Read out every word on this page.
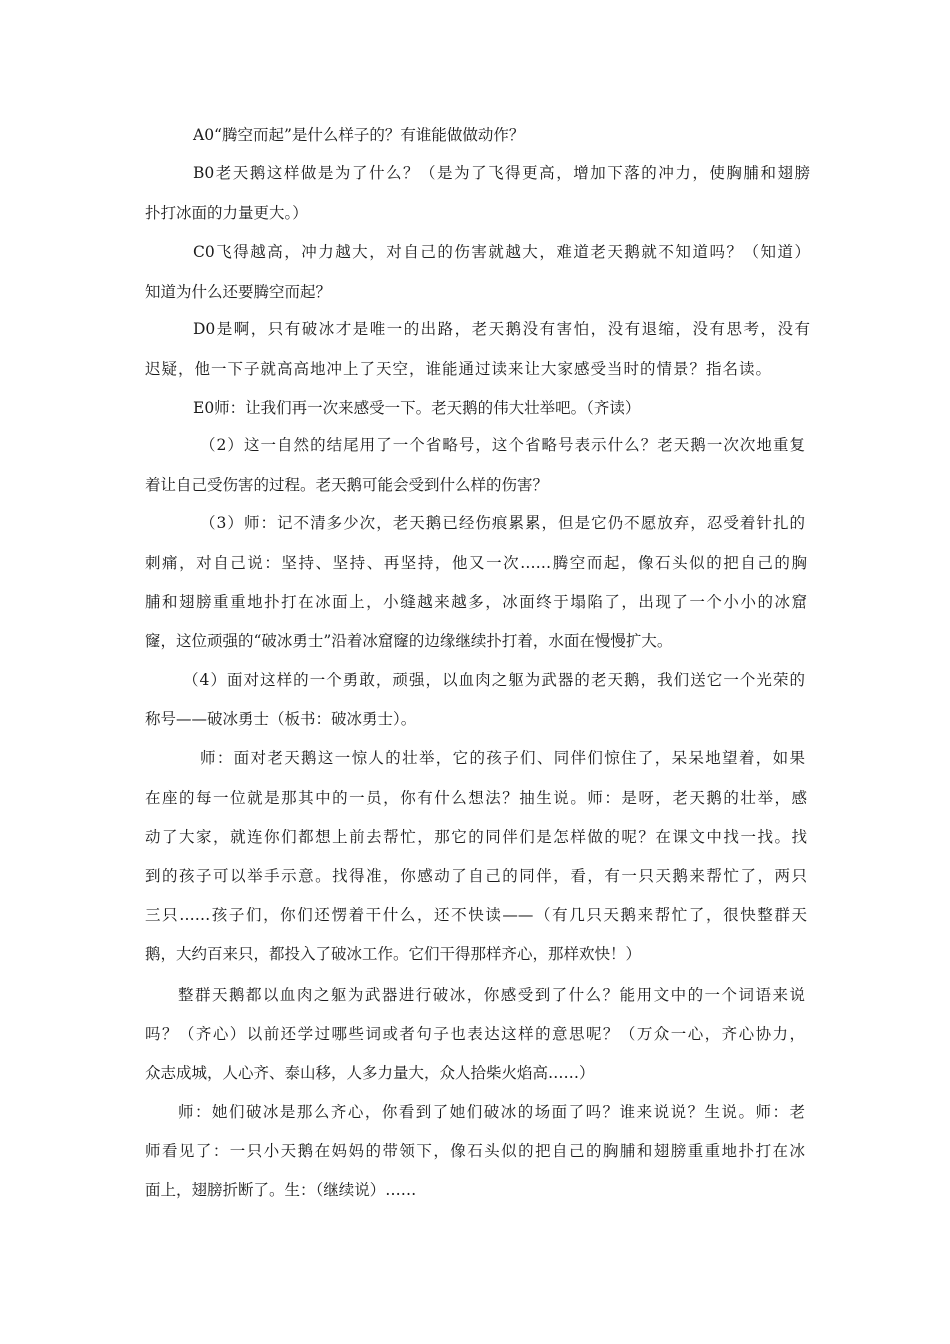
A0“腾空而起”是什么样子的？有谁能做做动作？
B0老天鹅这样做是为了什么？（是为了飞得更高，增加下落的冲力，使胸脯和翅膀
扑打冰面的力量更大。）
C0飞得越高，冲力越大，对自己的伤害就越大，难道老天鹅就不知道吗？（知道）
知道为什么还要腾空而起？
D0是啊，只有破冰才是唯一的出路，老天鹅没有害怕，没有退缩，没有思考，没有
迟疑，他一下子就高高地冲上了天空，谁能通过读来让大家感受当时的情景？指名读。
E0师：让我们再一次来感受一下。老天鹅的伟大壮举吧。（齐读）
（2）这一自然的结尾用了一个省略号，这个省略号表示什么？老天鹅一次次地重复
着让自己受伤害的过程。老天鹅可能会受到什么样的伤害？
（3）师：记不清多少次，老天鹅已经伤痕累累，但是它仍不愿放弃，忍受着针扎的
刺痛，对自己说：坚持、坚持、再坚持，他又一次……腾空而起，像石头似的把自己的胸
脯和翅膀重重地扑打在冰面上，小缝越来越多，冰面终于塌陷了，出现了一个小小的冰窟
窿，这位顽强的“破冰勇士”沿着冰窟窿的边缘继续扑打着，水面在慢慢扩大。
（4）面对这样的一个勇敢，顽强，以血肉之躯为武器的老天鹅，我们送它一个光荣的
称号——破冰勇士（板书：破冰勇士）。
师：面对老天鹅这一惊人的壮举，它的孩子们、同伴们惊住了，呆呆地望着，如果
在座的每一位就是那其中的一员，你有什么想法？抽生说。师：是呀，老天鹅的壮举，感
动了大家，就连你们都想上前去帮忙，那它的同伴们是怎样做的呢？在课文中找一找。找
到的孩子可以举手示意。找得准，你感动了自己的同伴，看，有一只天鹅来帮忙了，两只
三只……孩子们，你们还愣着干什么，还不快读——（有几只天鹅来帮忙了，很快整群天
鹅，大约百来只，都投入了破冰工作。它们干得那样齐心，那样欢快！）
整群天鹅都以血肉之躯为武器进行破冰，你感受到了什么？能用文中的一个词语来说
吗？（齐心）以前还学过哪些词或者句子也表达这样的意思呢？（万众一心，齐心协力，
众志成城，人心齐、泰山移，人多力量大，众人拾柴火焰高……）
师：她们破冰是那么齐心，你看到了她们破冰的场面了吗？谁来说说？生说。师：老
师看见了：一只小天鹅在妈妈的带领下，像石头似的把自己的胸脯和翅膀重重地扑打在冰
面上，翅膀折断了。生：（继续说）……
